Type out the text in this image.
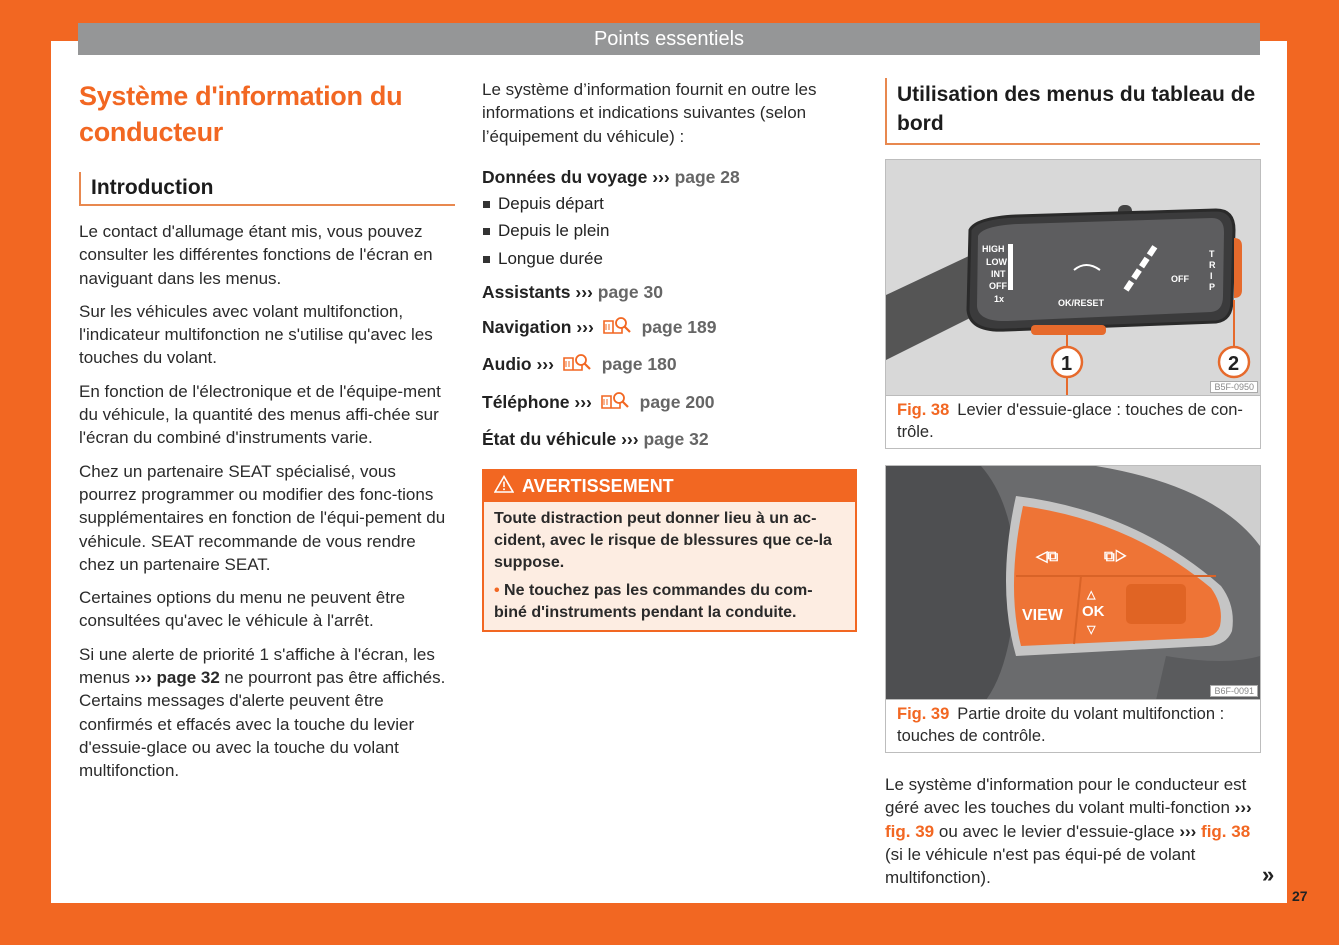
Points essentiels
Système d'information du conducteur
Introduction

Le contact d'allumage étant mis, vous pouvez consulter les différentes fonctions de l'écran en naviguant dans les menus.

Sur les véhicules avec volant multifonction, l'indicateur multifonction ne s'utilise qu'avec les touches du volant.

En fonction de l'électronique et de l'équipe-ment du véhicule, la quantité des menus affi-chée sur l'écran du combiné d'instruments varie.

Chez un partenaire SEAT spécialisé, vous pourrez programmer ou modifier des fonc-tions supplémentaires en fonction de l'équi-pement du véhicule. SEAT recommande de vous rendre chez un partenaire SEAT.

Certaines options du menu ne peuvent être consultées qu'avec le véhicule à l'arrêt.

Si une alerte de priorité 1 s'affiche à l'écran, les menus ››› page 32 ne pourront pas être affichés. Certains messages d'alerte peuvent être confirmés et effacés avec la touche du levier d'essuie-glace ou avec la touche du volant multifonction.

Le système d’information fournit en outre les informations et indications suivantes (selon l’équipement du véhicule) :

Données du voyage ››› page 28
Depuis départ
Depuis le plein
Longue durée
Assistants ››› page 30
Navigation ›››	page 189
Audio ›››	page 180
Téléphone ›››	page 200
État du véhicule ››› page 32
AVERTISSEMENT
Toute distraction peut donner lieu à un ac-cident, avec le risque de blessures que ce-la suppose.
• Ne touchez pas les commandes du com-biné d'instruments pendant la conduite.
Utilisation des menus du tableau de bord
HIGH
LOW
INT
OFF
1x	OK/RESET
OFF
T
R
I
P
1	2
B5F-0950
Fig. 38 Levier d'essuie-glace : touches de con-trôle.
VIEW OK
△
▽
◁⧉	⧉▷
B6F-0091
Fig. 39 Partie droite du volant multifonction : touches de contrôle.

Le système d'information pour le conducteur est géré avec les touches du volant multi-fonction ››› fig. 39 ou avec le levier d'essuie-glace ››› fig. 38 (si le véhicule n'est pas équi-pé de volant multifonction).	»
27
